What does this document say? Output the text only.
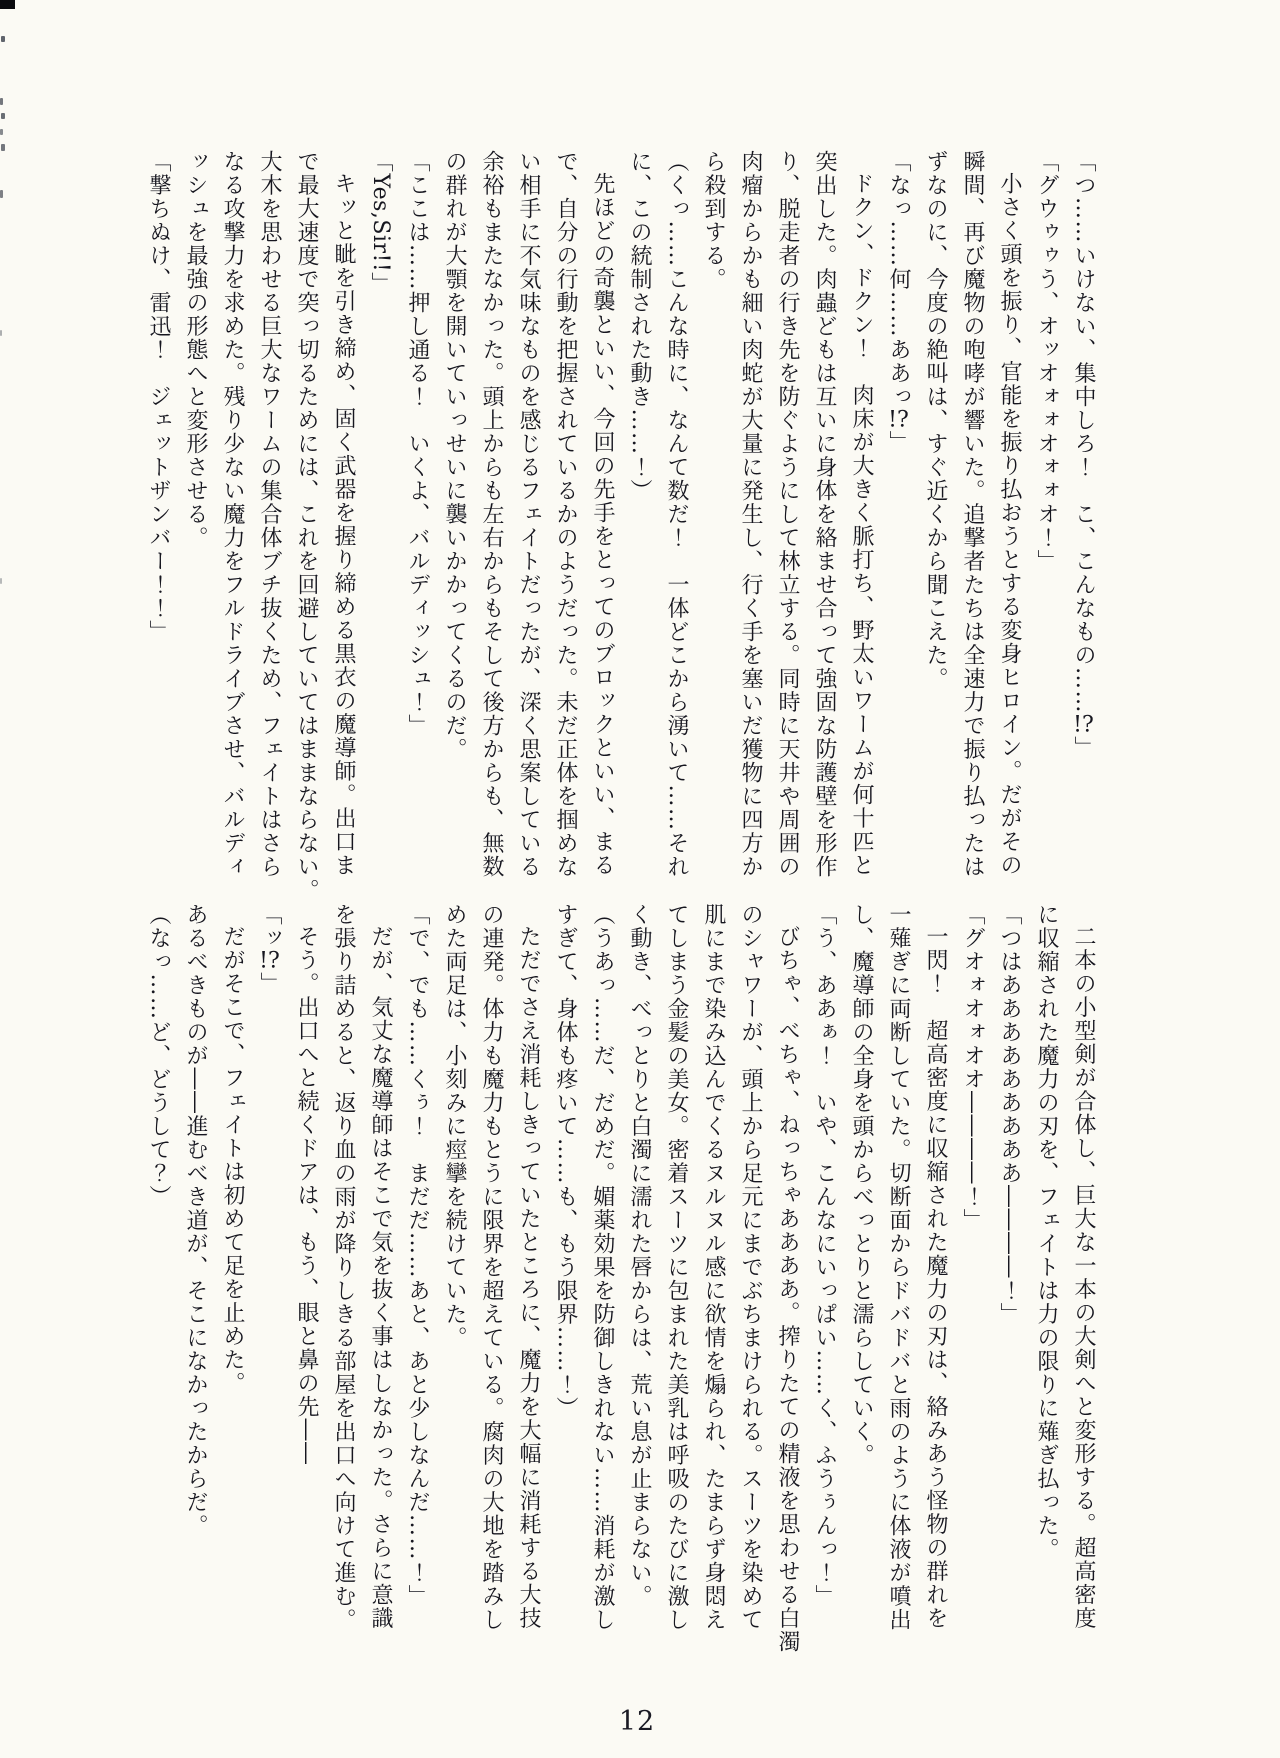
「つ……いけない、集中しろ！　こ、こんなもの……!?」

「グウゥゥう、オッオォォオォォオ！」

小さく頭を振り、官能を振り払おうとする変身ヒロイン。だがその

瞬間、再び魔物の咆哮が響いた。追撃者たちは全速力で振り払ったは

ずなのに、今度の絶叫は、すぐ近くから聞こえた。

「なっ……何……ああっ!?」

ドクン、ドクン！　肉床が大きく脈打ち、野太いワームが何十匹と

突出した。肉蟲どもは互いに身体を絡ませ合って強固な防護壁を形作

り、脱走者の行き先を防ぐようにして林立する。同時に天井や周囲の

肉瘤からかも細い肉蛇が大量に発生し、行く手を塞いだ獲物に四方か

ら殺到する。

（くっ……こんな時に、なんて数だ！　一体どこから湧いて……それ

に、この統制された動き……！）

先ほどの奇襲といい、今回の先手をとってのブロックといい、まる

で、自分の行動を把握されているかのようだった。未だ正体を掴めな

い相手に不気味なものを感じるフェイトだったが、深く思案している

余裕もまたなかった。頭上からも左右からもそして後方からも、無数

の群れが大顎を開いていっせいに襲いかかってくるのだ。

「ここは……押し通る！　いくよ、バルディッシュ！」

「Yes,Sir!!」

キッと眦を引き締め、固く武器を握り締める黒衣の魔導師。出口ま

で最大速度で突っ切るためには、これを回避していてはままならない。

大木を思わせる巨大なワームの集合体ブチ抜くため、フェイトはさら

なる攻撃力を求めた。残り少ない魔力をフルドライブさせ、バルディ

ッシュを最強の形態へと変形させる。

「撃ちぬけ、雷迅！　ジェットザンバー！！」

二本の小型剣が合体し、巨大な一本の大剣へと変形する。超高密度

に収縮された魔力の刃を、フェイトは力の限りに薙ぎ払った。

「つはあああああああああ――――！」

「グオォオォオオ――――！」

一閃！　超高密度に収縮された魔力の刃は、絡みあう怪物の群れを

一薙ぎに両断していた。切断面からドバドバと雨のように体液が噴出

し、魔導師の全身を頭からべっとりと濡らしていく。

「う、ああぁ！　いや、こんなにいっぱい……く、ふうぅんっ！」

びちゃ、べちゃ、ねっちゃああああ。搾りたての精液を思わせる白濁

のシャワーが、頭上から足元にまでぶちまけられる。スーツを染めて

肌にまで染み込んでくるヌルヌル感に欲情を煽られ、たまらず身悶え

てしまう金髪の美女。密着スーツに包まれた美乳は呼吸のたびに激し

く動き、べっとりと白濁に濡れた唇からは、荒い息が止まらない。

（うあっ……だ、だめだ。媚薬効果を防御しきれない……消耗が激し

すぎて、身体も疼いて……も、もう限界……！）

ただでさえ消耗しきっていたところに、魔力を大幅に消耗する大技

の連発。体力も魔力もとうに限界を超えている。腐肉の大地を踏みし

めた両足は、小刻みに痙攣を続けていた。

「で、でも……くぅ！　まだだ……あと、あと少しなんだ……！」

だが、気丈な魔導師はそこで気を抜く事はしなかった。さらに意識

を張り詰めると、返り血の雨が降りしきる部屋を出口へ向けて進む。

そう。出口へと続くドアは、もう、眼と鼻の先――

「ッ!?」

だがそこで、フェイトは初めて足を止めた。

あるべきものが――進むべき道が、そこになかったからだ。

（なっ……ど、どうして？）

12
